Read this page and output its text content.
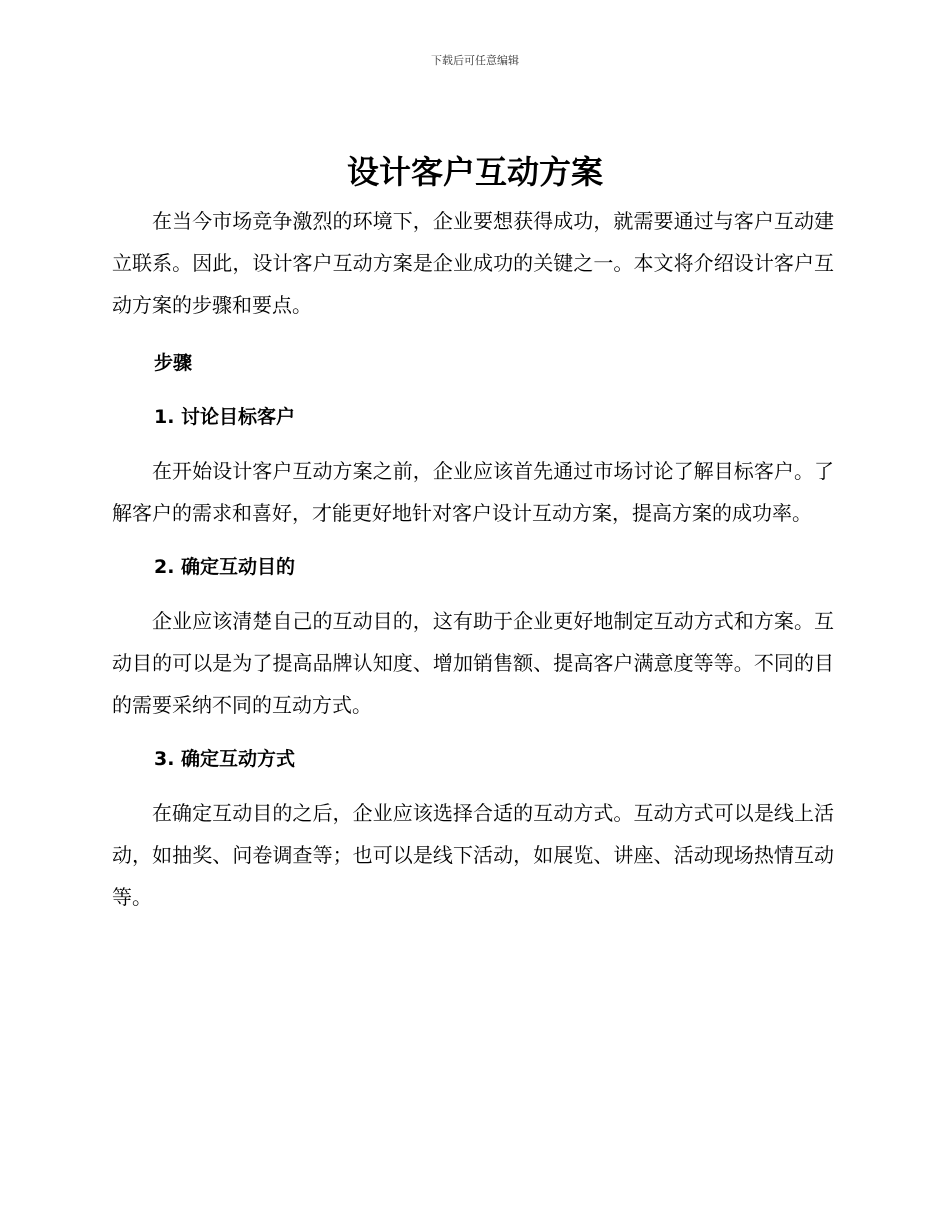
下载后可任意编辑
设计客户互动方案

在当今市场竞争激烈的环境下，企业要想获得成功，就需要通过与客户互动建立联系。因此，设计客户互动方案是企业成功的关键之一。本文将介绍设计客户互动方案的步骤和要点。

步骤
1. 讨论目标客户

在开始设计客户互动方案之前，企业应该首先通过市场讨论了解目标客户。了解客户的需求和喜好，才能更好地针对客户设计互动方案，提高方案的成功率。

2. 确定互动目的

企业应该清楚自己的互动目的，这有助于企业更好地制定互动方式和方案。互动目的可以是为了提高品牌认知度、增加销售额、提高客户满意度等等。不同的目的需要采纳不同的互动方式。

3. 确定互动方式

在确定互动目的之后，企业应该选择合适的互动方式。互动方式可以是线上活动，如抽奖、问卷调查等；也可以是线下活动，如展览、讲座、活动现场热情互动等。
